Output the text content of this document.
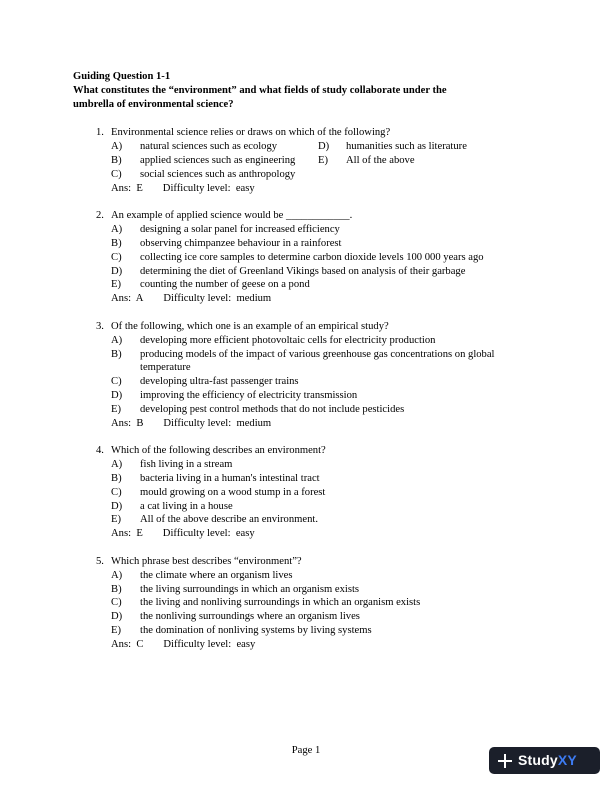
Guiding Question 1-1
What constitutes the “environment” and what fields of study collaborate under the
umbrella of environmental science?
1. Environmental science relies or draws on which of the following?
A)	natural sciences such as ecology	D)	humanities such as literature
B)	applied sciences such as engineering	E)	All of the above
C)	social sciences such as anthropology
Ans: E Difficulty level:  easy
2. An example of applied science would be ____________.
A)	designing a solar panel for increased efficiency
B)	observing chimpanzee behaviour in a rainforest
C)	collecting ice core samples to determine carbon dioxide levels 100 000 years ago
D)	determining the diet of Greenland Vikings based on analysis of their garbage
E)	counting the number of geese on a pond
Ans: A Difficulty level:  medium
3. Of the following, which one is an example of an empirical study?
A)	developing more efficient photovoltaic cells for electricity production
B)	producing models of the impact of various greenhouse gas concentrations on global temperature
C)	developing ultra-fast passenger trains
D)	improving the efficiency of electricity transmission
E)	developing pest control methods that do not include pesticides
Ans: B Difficulty level:  medium
4. Which of the following describes an environment?
A)	fish living in a stream
B)	bacteria living in a human's intestinal tract
C)	mould growing on a wood stump in a forest
D)	a cat living in a house
E)	All of the above describe an environment.
Ans: E Difficulty level:  easy
5. Which phrase best describes “environment”?
A)	the climate where an organism lives
B)	the living surroundings in which an organism exists
C)	the living and nonliving surroundings in which an organism exists
D)	the nonliving surroundings where an organism lives
E)	the domination of nonliving systems by living systems
Ans: C Difficulty level:  easy
Page 1
StudyXY
